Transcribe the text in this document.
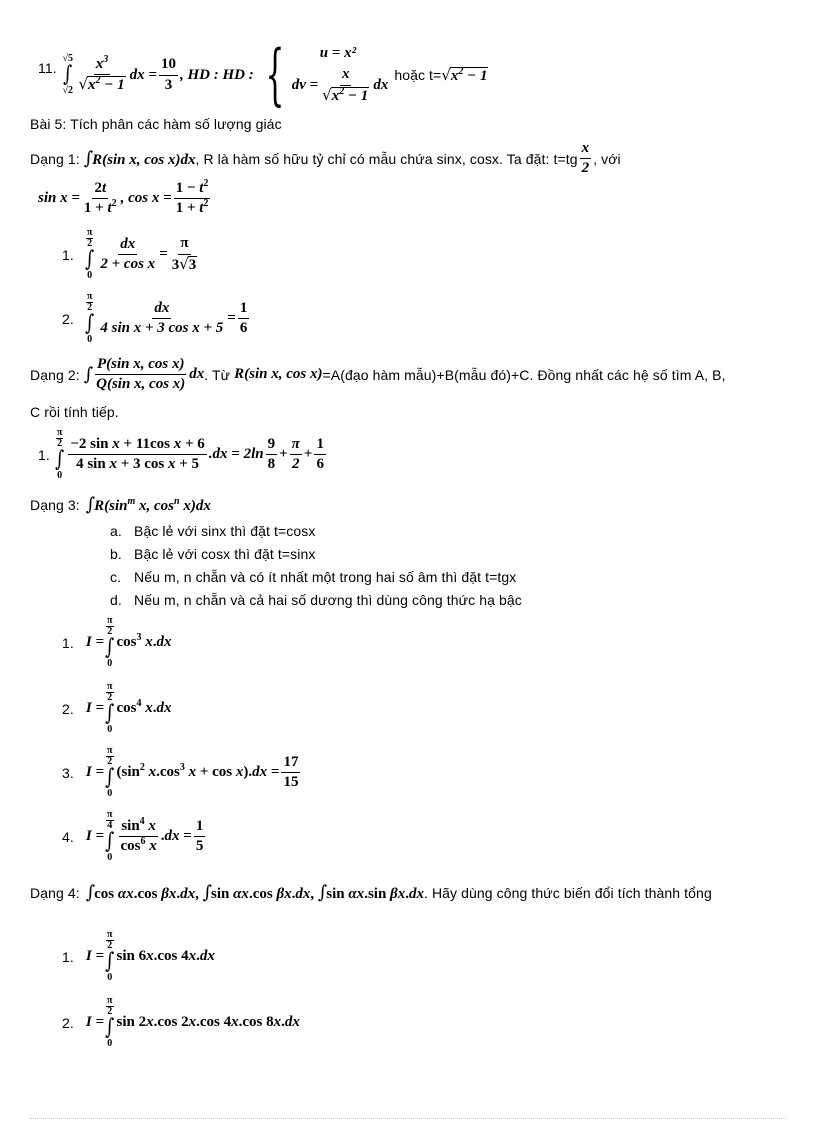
11.
√5
∫
$√2 \frac{x^3}{√x^2 - 1}$ dx = $\frac{10}{3}$ , HD : HD : { u = x²
dv = $\frac{x}{√x^2 - 1}$ dx
hoặc $t= √x^2 - 1$
Bài 5: Tích phân các hàm số lượng giác
Dạng 1: ∫R(sin x, cos x)dx , R là hàm số hữu tỷ chỉ có mẫu chứa sinx, cosx. Ta đặt: $t=tg \frac{x}{2}$ , với
$\sin x = \frac{2t}{1 + t^2}$ , $\cos x = \frac{1 - t^2}{1 + t^2}$
1.
π
2
∫
0
$\frac{dx}{\text{2 + cos x}} = \frac{\pi}{3√3}$
2.
π
2
∫
0
$\frac{dx}{\text{4 sin x + 3 cos x + 5}} = \frac{1}{6}$
Dạng 2: ∫ $\frac{\text{P(sin x, cos x)}}{\text{Q(sin x, cos x)}}$ dx . Từ R(sin x, cos x) =A(đạo hàm mẫu)+B(mẫu đó)+C. Đồng nhất các hệ số tìm A, B,
C rồi tính tiếp.
1.
π
2
∫
0
$\frac{\text{−2 sin x + 11cos x + 6}}{\text{4 sin x + 3 cos x + 5}} .dx = 2\ln \frac{9}{8} + \frac{\pi}{2} + \frac{1}{6}$
Dạng 3: $\int R(\sin^m$ x, $\cos^n x)dx$
a. Bậc lẻ với sinx thì đặt t=cosx
b. Bậc lẻ với cosx thì đặt t=sinx
c. Nếu m, n chẵn và có ít nhất một trong hai số âm thì đặt t=tgx
d. Nếu m, n chẵn và cả hai số dương thì dùng công thức hạ bậc
1. I =
π
2
∫
0
$\cos^3 x.dx$
2. I =
π
2
∫
0
$\cos^4 x.dx$
3. I =
π
2
∫
0
($\sin^2$ $x.\cos^3$ $x + \cos x).dx = \frac{17}{15}$
4. I =
π
4
∫
0
$\frac{\sin^4 x}{\cos^6 x} .dx = \frac{1}{5}$
Dạng 4: ∫cos αx.cos βx.dx, ∫sin αx.cos βx.dx, ∫sin αx.sin βx.dx . Hãy dùng công thức biến đổi tích thành tổng
1. I =
π
2
∫
0
sin 6x.cos 4x.dx
2. I =
π
2
∫
0
sin 2x.cos 2x.cos 4x.cos 8x.dx
